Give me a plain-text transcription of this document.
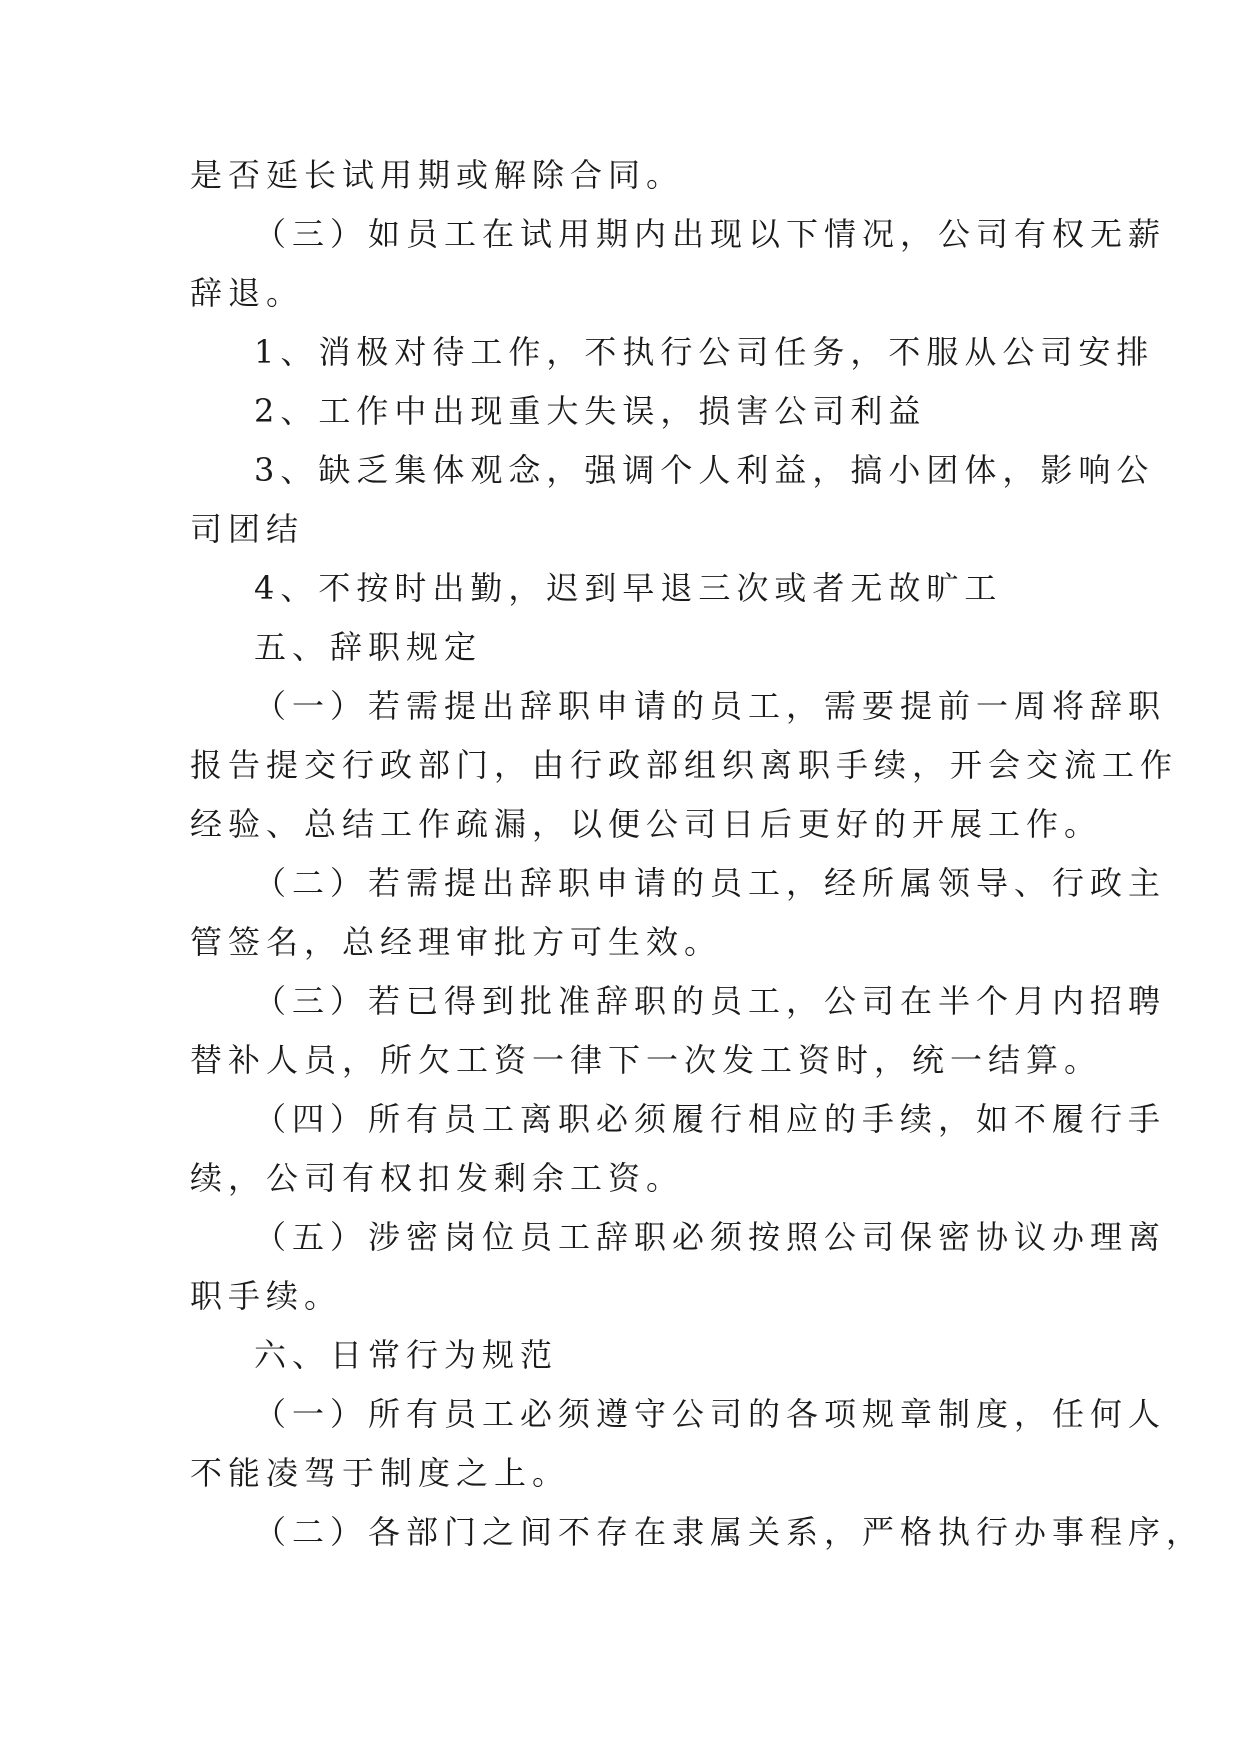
是否延长试用期或解除合同。

（三）如员工在试用期内出现以下情况，公司有权无薪

辞退。

1、消极对待工作，不执行公司任务，不服从公司安排

2、工作中出现重大失误，损害公司利益

3、缺乏集体观念，强调个人利益，搞小团体，影响公

司团结

4、不按时出勤，迟到早退三次或者无故旷工

五、辞职规定

（一）若需提出辞职申请的员工，需要提前一周将辞职

报告提交行政部门，由行政部组织离职手续，开会交流工作

经验、总结工作疏漏，以便公司日后更好的开展工作。

（二）若需提出辞职申请的员工，经所属领导、行政主

管签名，总经理审批方可生效。

（三）若已得到批准辞职的员工，公司在半个月内招聘

替补人员，所欠工资一律下一次发工资时，统一结算。

（四）所有员工离职必须履行相应的手续，如不履行手

续，公司有权扣发剩余工资。

（五）涉密岗位员工辞职必须按照公司保密协议办理离

职手续。

六、日常行为规范

（一）所有员工必须遵守公司的各项规章制度，任何人

不能凌驾于制度之上。

（二）各部门之间不存在隶属关系，严格执行办事程序，
